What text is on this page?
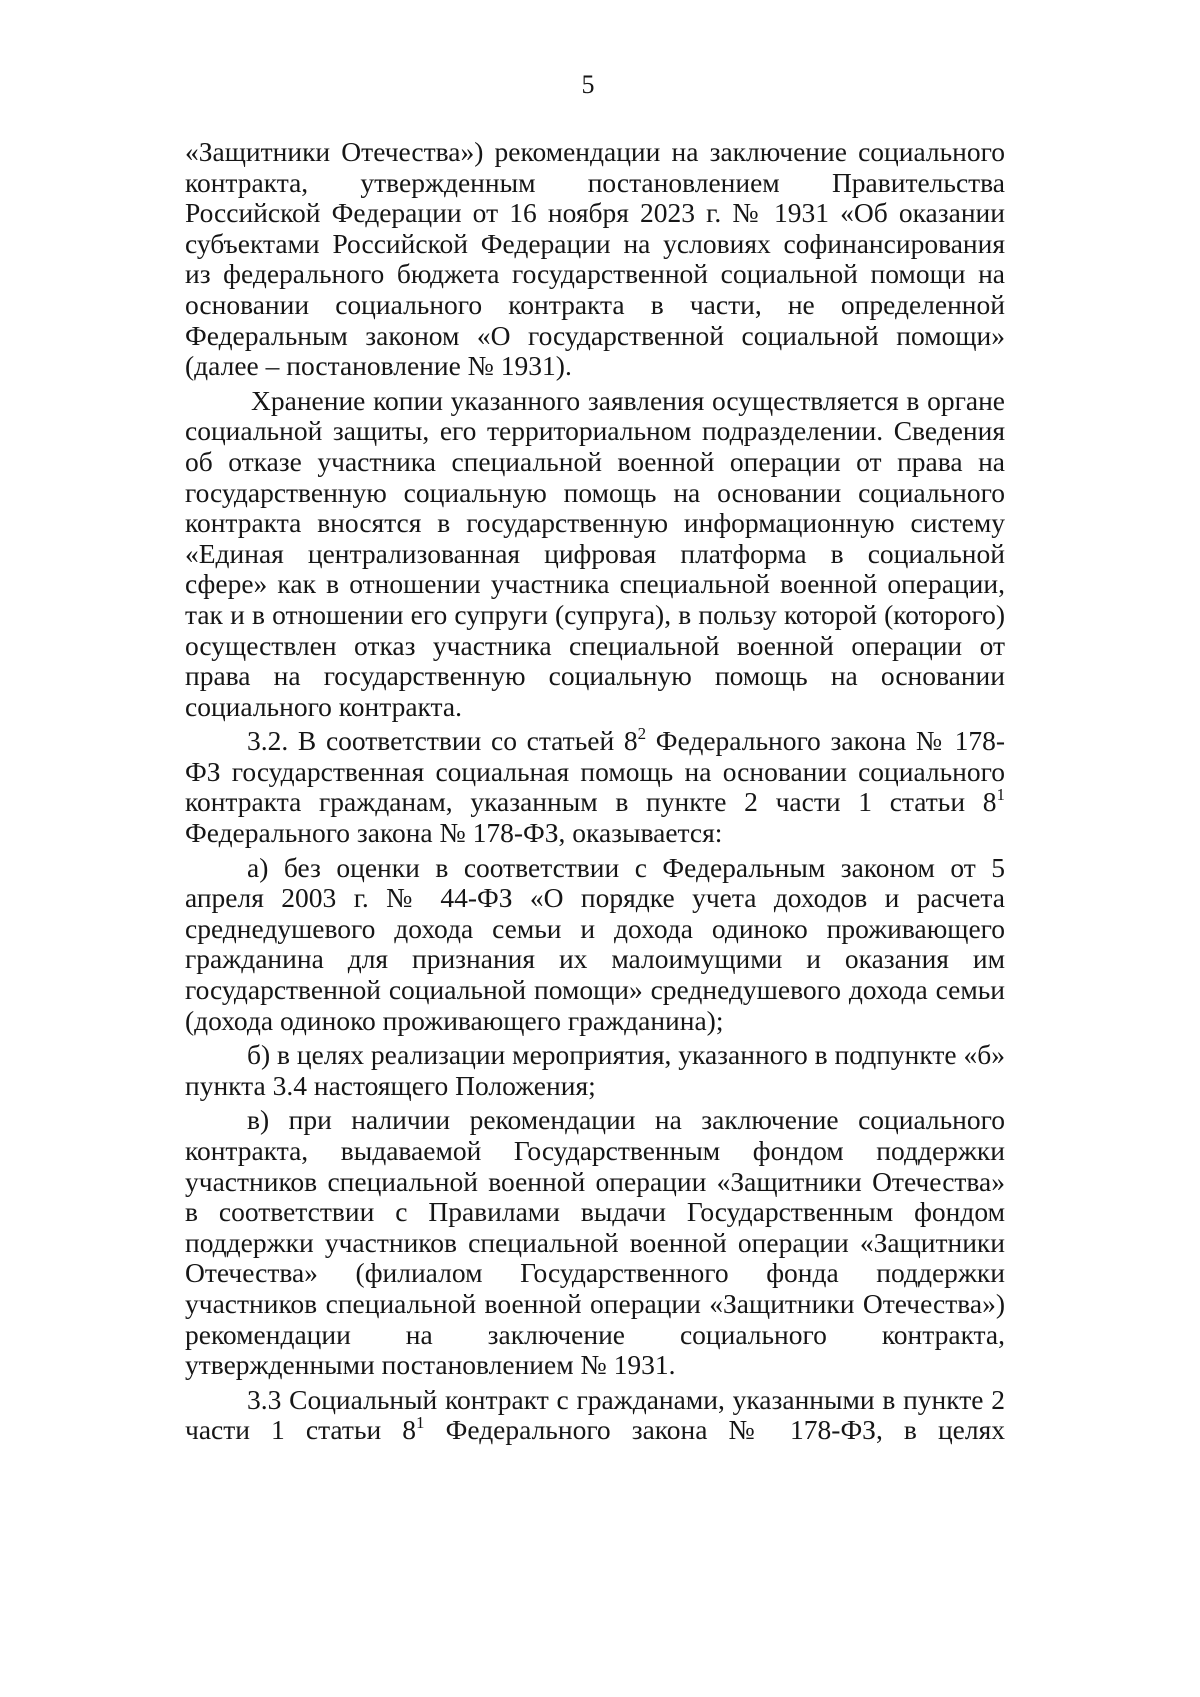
5

«Защитники Отечества») рекомендации на заключение социального контракта, утвержденным постановлением Правительства Российской Федерации от 16 ноября 2023 г. № 1931 «Об оказании субъектами Российской Федерации на условиях софинансирования из федерального бюджета государственной социальной помощи на основании социального контракта в части, не определенной Федеральным законом «О государственной социальной помощи» (далее – постановление № 1931).

Хранение копии указанного заявления осуществляется в органе социальной защиты, его территориальном подразделении. Сведения об отказе участника специальной военной операции от права на государственную социальную помощь на основании социального контракта вносятся в государственную информационную систему «Единая централизованная цифровая платформа в социальной сфере» как в отношении участника специальной военной операции, так и в отношении его супруги (супруга), в пользу которой (которого) осуществлен отказ участника специальной военной операции от права на государственную социальную помощь на основании социального контракта.

3.2. В соответствии со статьей $8^2$ Федерального закона № 178-ФЗ государственная социальная помощь на основании социального контракта гражданам, указанным в пункте 2 части 1 статьи $8^1$ Федерального закона № 178-ФЗ, оказывается:

а) без оценки в соответствии с Федеральным законом от 5 апреля 2003 г. № 44-ФЗ «О порядке учета доходов и расчета среднедушевого дохода семьи и дохода одиноко проживающего гражданина для признания их малоимущими и оказания им государственной социальной помощи» среднедушевого дохода семьи (дохода одиноко проживающего гражданина);

б) в целях реализации мероприятия, указанного в подпункте «б» пункта 3.4 настоящего Положения;

в) при наличии рекомендации на заключение социального контракта, выдаваемой Государственным фондом поддержки участников специальной военной операции «Защитники Отечества» в соответствии с Правилами выдачи Государственным фондом поддержки участников специальной военной операции «Защитники Отечества» (филиалом Государственного фонда поддержки участников специальной военной операции «Защитники Отечества») рекомендации на заключение социального контракта, утвержденными постановлением № 1931.

3.3 Социальный контракт с гражданами, указанными в пункте 2 части 1 статьи $8^1$ Федерального закона № 178-ФЗ, в целях
